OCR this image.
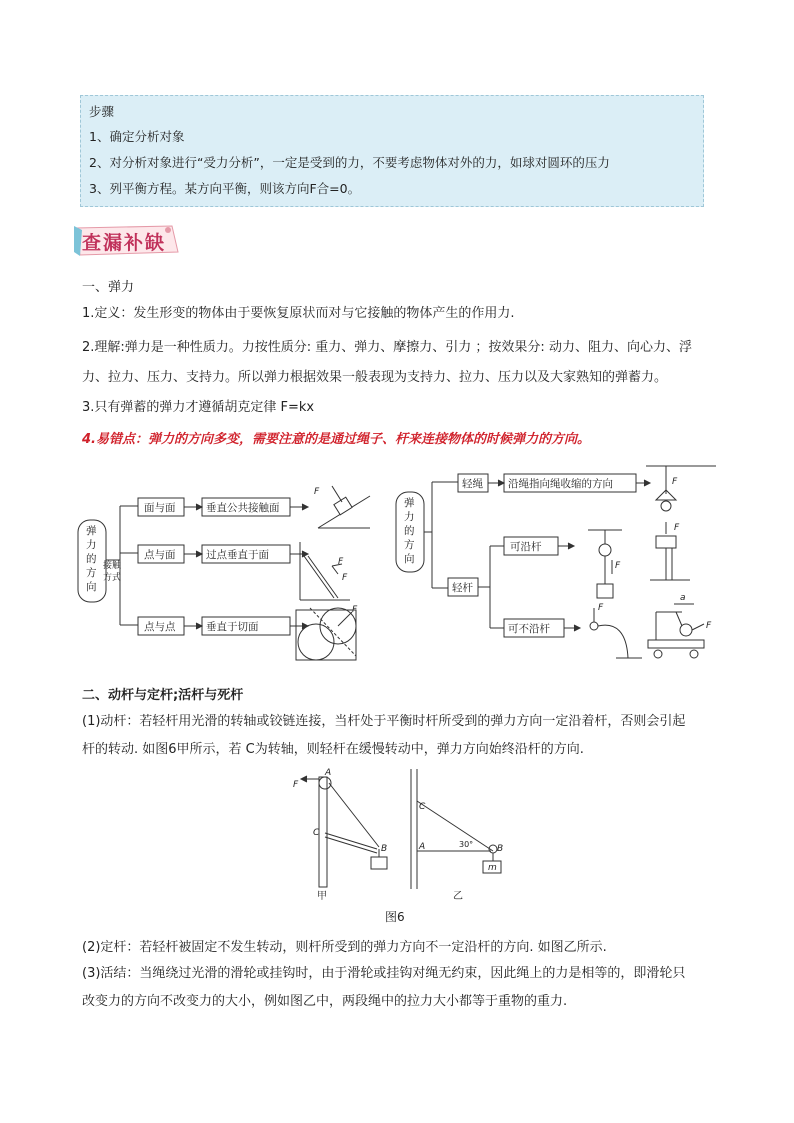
步骤

1、确定分析对象

2、对分析对象进行“受力分析”，一定是受到的力，不要考虑物体对外的力，如球对圆环的压力

3、列平衡方程。某方向平衡，则该方向F合=0。

查漏补缺
一、弹力
1.定义：发生形变的物体由于要恢复原状而对与它接触的物体产生的作用力.
2.理解:弹力是一种性质力。力按性质分: 重力、弹力、摩擦力、引力 ；按效果分: 动力、阻力、向心力、浮
力、拉力、压力、支持力。所以弹力根据效果一般表现为支持力、拉力、压力以及大家熟知的弹蓄力。
3.只有弹蓄的弹力才遵循胡克定律 F=kx
4.易错点：弹力的方向多变，需要注意的是通过绳子、杆来连接物体的时候弹力的方向。
弹
力
的
方
向
接触
方式
面与面
点与面
点与点
垂直公共接触面
过点垂直于面
垂直于切面
弹
力
的
方
向
轻绳 沿绳指向绳收缩的方向
轻杆
可沿杆
可不沿杆
F
F
F
F
F
F
F
F
F
a
二、动杆与定杆;活杆与死杆
(1)动杆：若轻杆用光滑的转轴或铰链连接，当杆处于平衡时杆所受到的弹力方向一定沿着杆，否则会引起
杆的转动. 如图6甲所示，若 C为转轴，则轻杆在缓慢转动中，弹力方向始终沿杆的方向.
A
F
C
B
C
A	30°	B
m
甲	乙
图6
(2)定杆：若轻杆被固定不发生转动，则杆所受到的弹力方向不一定沿杆的方向. 如图乙所示.
(3)活结：当绳绕过光滑的滑轮或挂钩时，由于滑轮或挂钩对绳无约束，因此绳上的力是相等的，即滑轮只
改变力的方向不改变力的大小，例如图乙中，两段绳中的拉力大小都等于重物的重力.
